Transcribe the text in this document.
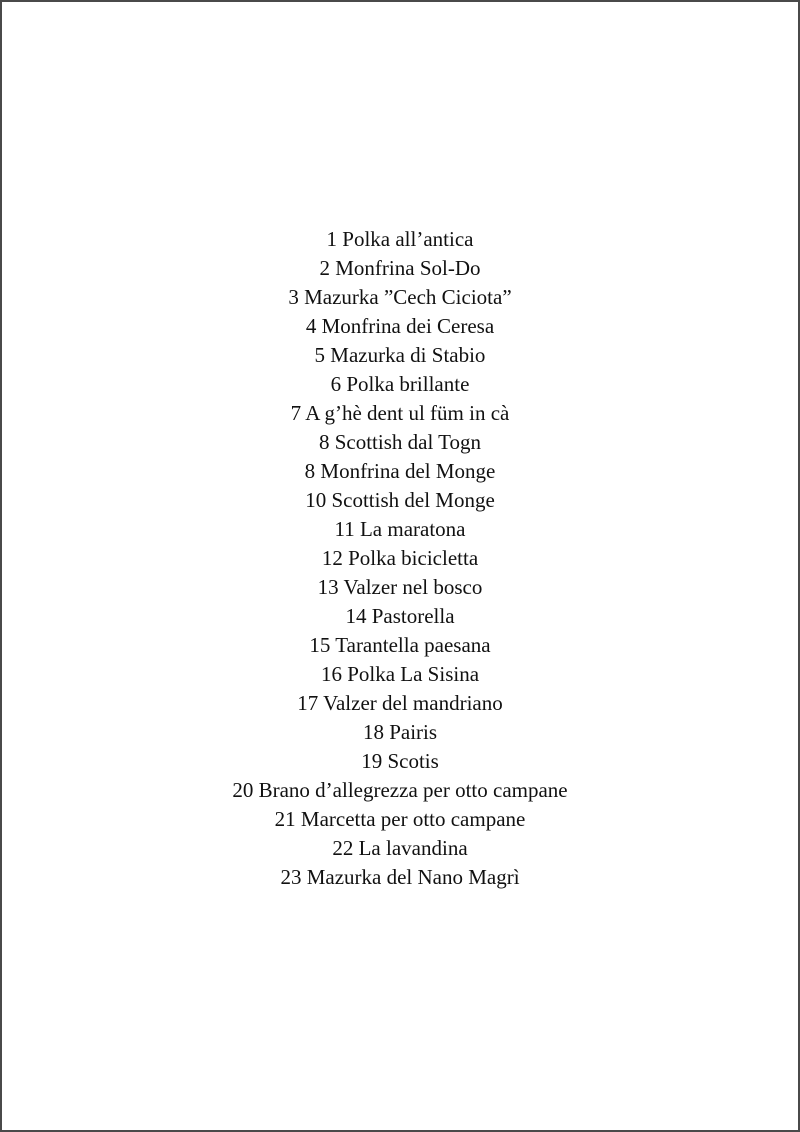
1 Polka all’antica
2 Monfrina Sol-Do
3 Mazurka ”Cech Ciciota”
4 Monfrina dei Ceresa
5 Mazurka di Stabio
6 Polka brillante
7 A g’hè dent ul füm in cà
8 Scottish dal Togn
8 Monfrina del Monge
10 Scottish del Monge
11 La maratona
12 Polka bicicletta
13 Valzer nel bosco
14 Pastorella
15 Tarantella paesana
16 Polka La Sisina
17 Valzer del mandriano
18 Pairis
19 Scotis
20 Brano d’allegrezza per otto campane
21 Marcetta per otto campane
22 La lavandina
23 Mazurka del Nano Magrì
